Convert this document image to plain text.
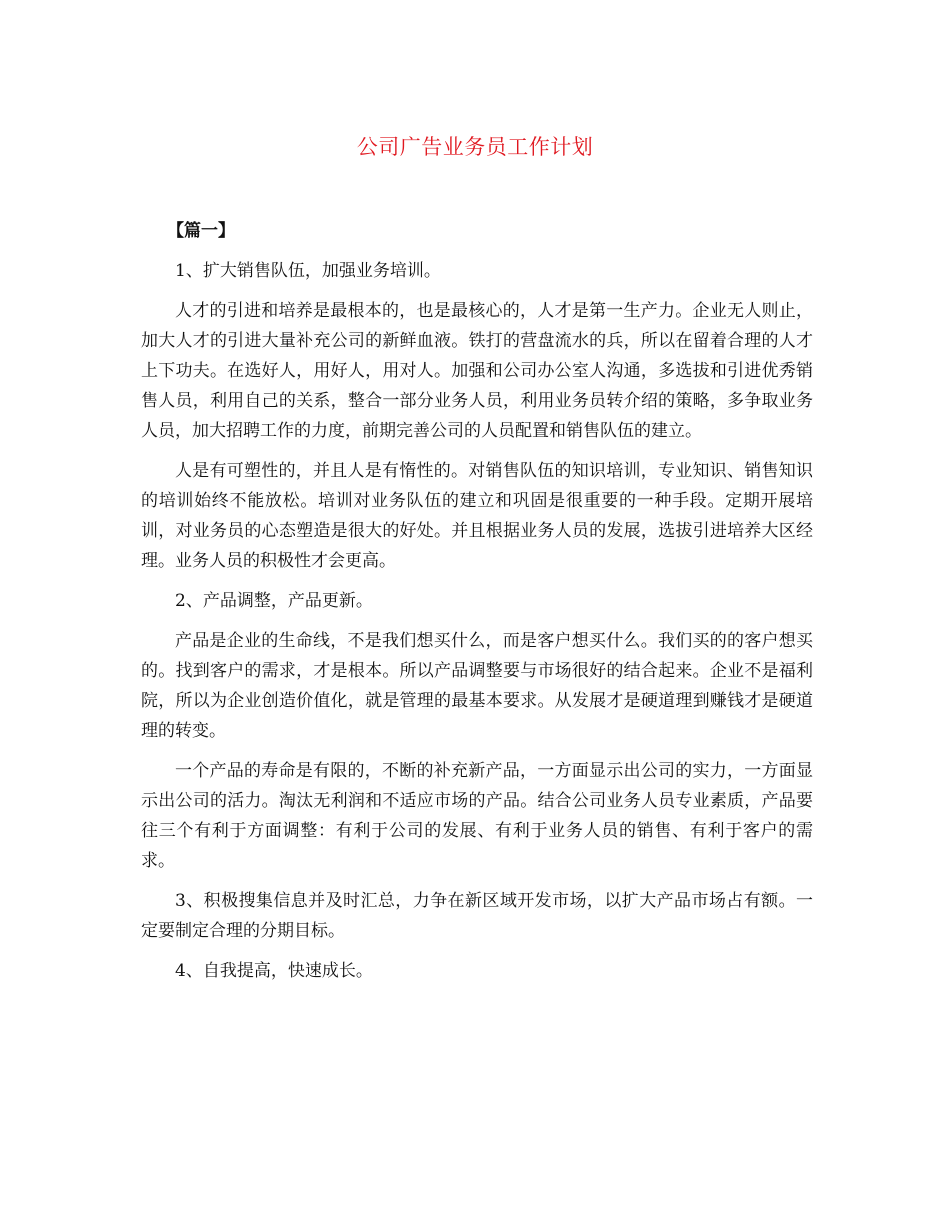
公司广告业务员工作计划

【篇一】

1、扩大销售队伍，加强业务培训。

人才的引进和培养是最根本的，也是最核心的，人才是第一生产力。企业无人则止，加大人才的引进大量补充公司的新鲜血液。铁打的营盘流水的兵，所以在留着合理的人才上下功夫。在选好人，用好人，用对人。加强和公司办公室人沟通，多选拔和引进优秀销售人员，利用自己的关系，整合一部分业务人员，利用业务员转介绍的策略，多争取业务人员，加大招聘工作的力度，前期完善公司的人员配置和销售队伍的建立。

人是有可塑性的，并且人是有惰性的。对销售队伍的知识培训，专业知识、销售知识的培训始终不能放松。培训对业务队伍的建立和巩固是很重要的一种手段。定期开展培训，对业务员的心态塑造是很大的好处。并且根据业务人员的发展，选拔引进培养大区经理。业务人员的积极性才会更高。

2、产品调整，产品更新。

产品是企业的生命线，不是我们想买什么，而是客户想买什么。我们买的的客户想买的。找到客户的需求，才是根本。所以产品调整要与市场很好的结合起来。企业不是福利院，所以为企业创造价值化，就是管理的最基本要求。从发展才是硬道理到赚钱才是硬道理的转变。

一个产品的寿命是有限的，不断的补充新产品，一方面显示出公司的实力，一方面显示出公司的活力。淘汰无利润和不适应市场的产品。结合公司业务人员专业素质，产品要往三个有利于方面调整：有利于公司的发展、有利于业务人员的销售、有利于客户的需求。

3、积极搜集信息并及时汇总，力争在新区域开发市场，以扩大产品市场占有额。一定要制定合理的分期目标。

4、自我提高，快速成长。
